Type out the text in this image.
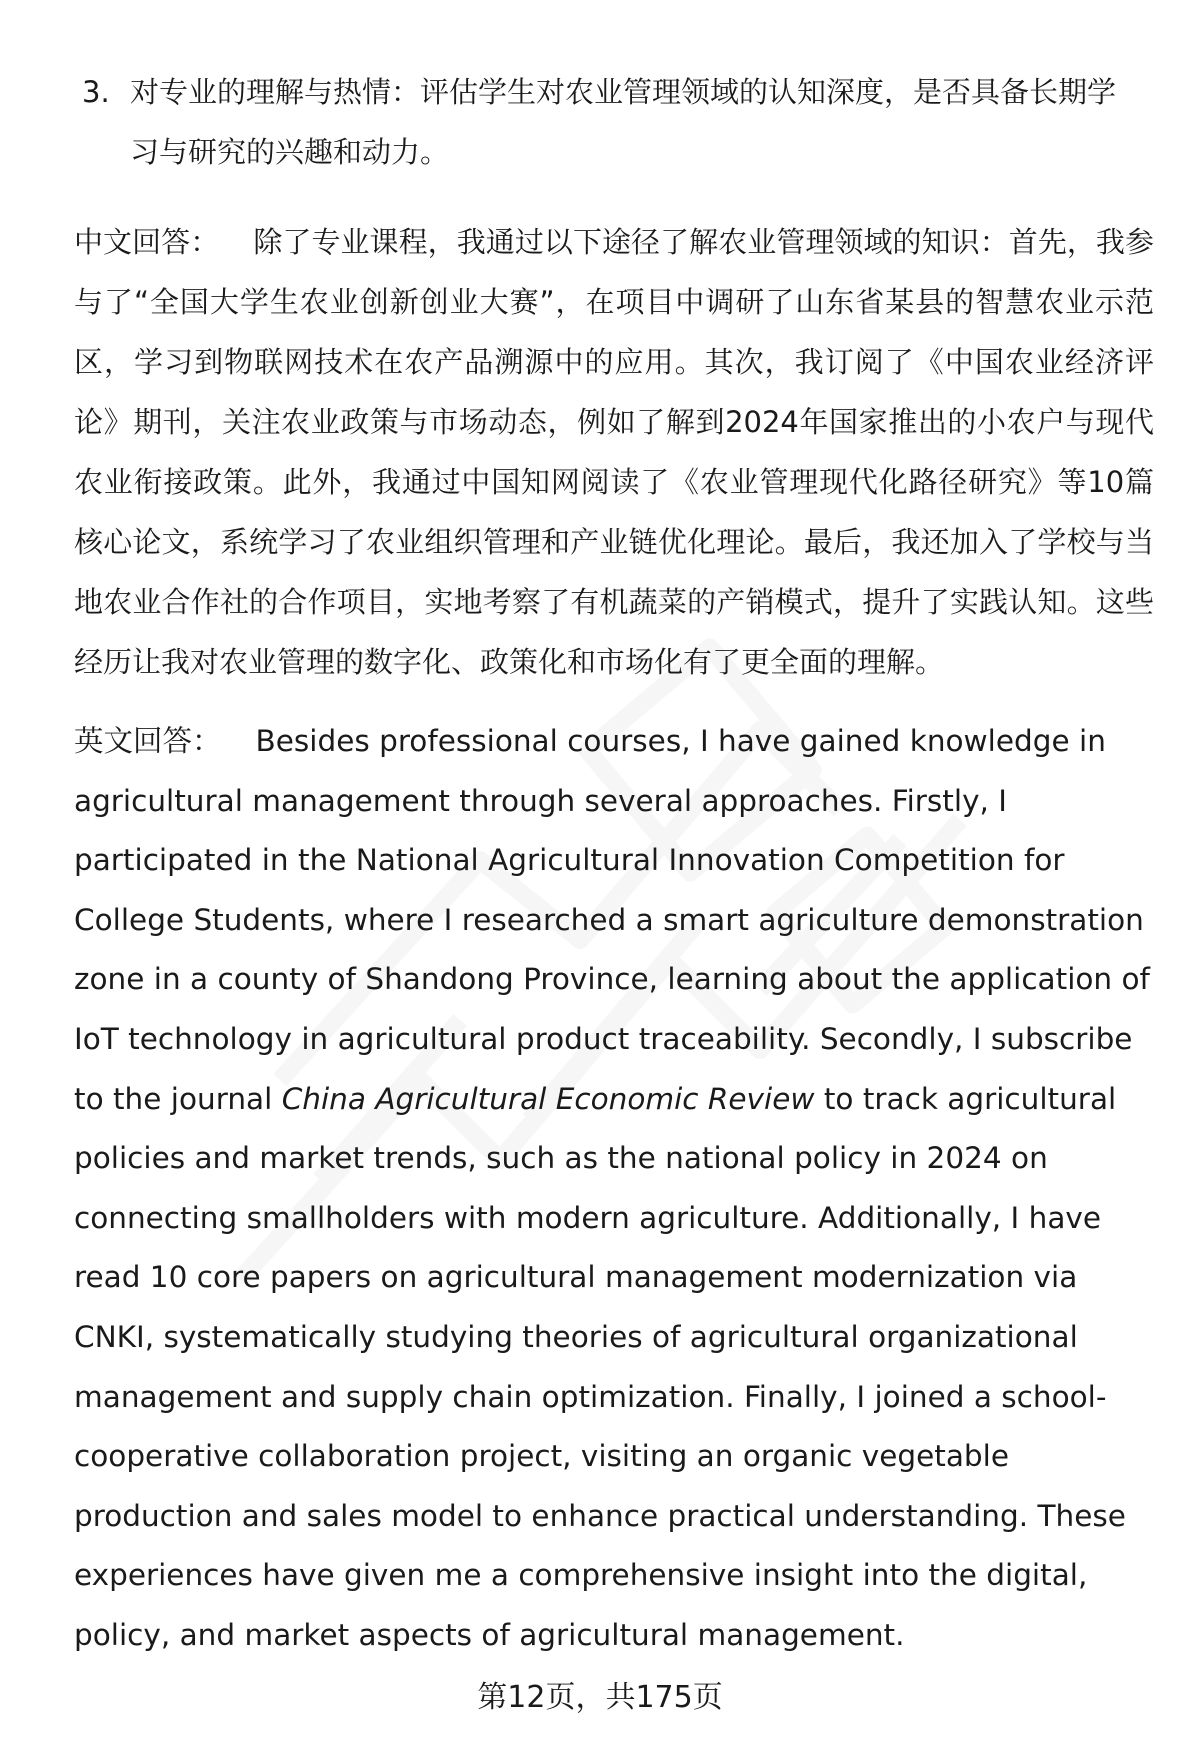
3. 对专业的理解与热情：评估学生对农业管理领域的认知深度，是否具备长期学
习与研究的兴趣和动力。
中文回答： 除了专业课程，我通过以下途径了解农业管理领域的知识：首先，我参与了“全国大学生农业创新创业大赛”，在项目中调研了山东省某县的智慧农业示范区，学习到物联网技术在农产品溯源中的应用。其次，我订阅了《中国农业经济评论》期刊，关注农业政策与市场动态，例如了解到2024年国家推出的小农户与现代农业衔接政策。此外，我通过中国知网阅读了《农业管理现代化路径研究》等10篇核心论文，系统学习了农业组织管理和产业链优化理论。最后，我还加入了学校与当地农业合作社的合作项目，实地考察了有机蔬菜的产销模式，提升了实践认知。这些经历让我对农业管理的数字化、政策化和市场化有了更全面的理解。
英文回答： Besides professional courses, I have gained knowledge in agricultural management through several approaches. Firstly, I participated in the National Agricultural Innovation Competition for College Students, where I researched a smart agriculture demonstration zone in a county of Shandong Province, learning about the application of IoT technology in agricultural product traceability. Secondly, I subscribe to the journal China Agricultural Economic Review to track agricultural policies and market trends, such as the national policy in 2024 on connecting smallholders with modern agriculture. Additionally, I have read 10 core papers on agricultural management modernization via CNKI, systematically studying theories of agricultural organizational management and supply chain optimization. Finally, I joined a school-cooperative collaboration project, visiting an organic vegetable production and sales model to enhance practical understanding. These experiences have given me a comprehensive insight into the digital, policy, and market aspects of agricultural management.
第12页，共175页
